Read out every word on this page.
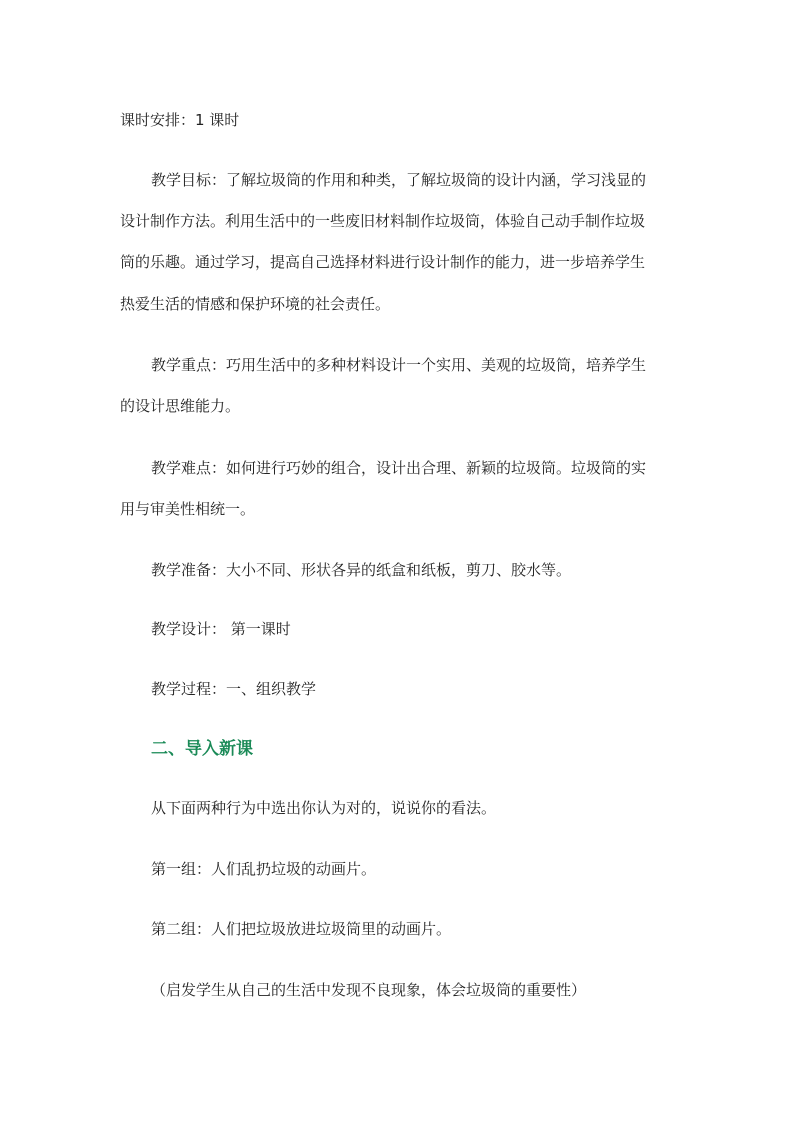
课时安排：1 课时
教学目标：了解垃圾筒的作用和种类，了解垃圾筒的设计内涵，学习浅显的
设计制作方法。利用生活中的一些废旧材料制作垃圾筒，体验自己动手制作垃圾
筒的乐趣。通过学习，提高自己选择材料进行设计制作的能力，进一步培养学生
热爱生活的情感和保护环境的社会责任。
教学重点：巧用生活中的多种材料设计一个实用、美观的垃圾筒，培养学生
的设计思维能力。
教学难点：如何进行巧妙的组合，设计出合理、新颖的垃圾筒。垃圾筒的实
用与审美性相统一。
教学准备：大小不同、形状各异的纸盒和纸板，剪刀、胶水等。
教学设计： 第一课时
教学过程：一、组织教学
二、导入新课
从下面两种行为中选出你认为对的，说说你的看法。
第一组：人们乱扔垃圾的动画片。
第二组：人们把垃圾放进垃圾筒里的动画片。
（启发学生从自己的生活中发现不良现象，体会垃圾筒的重要性）
